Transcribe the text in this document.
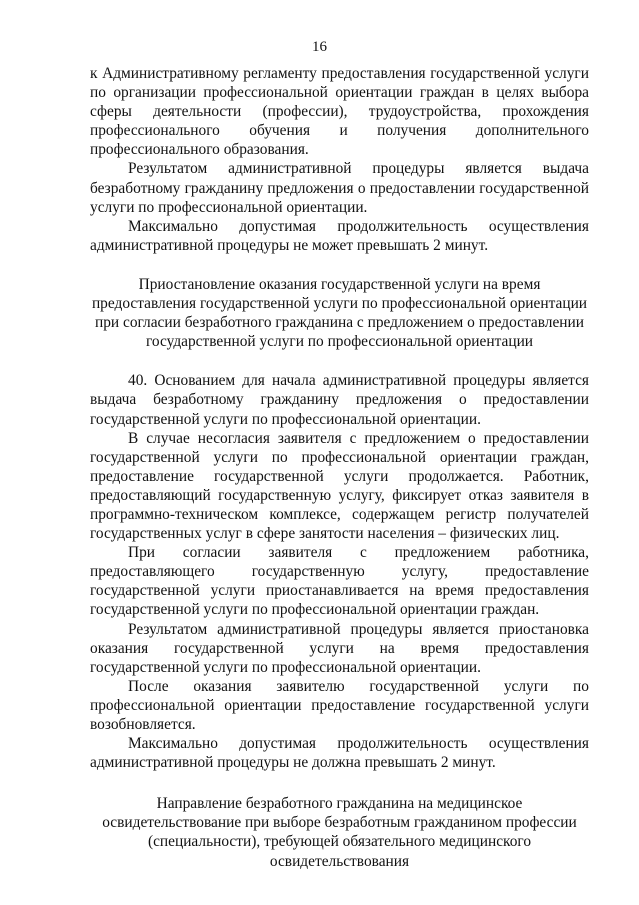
16

к Административному регламенту предоставления государственной услуги по организации профессиональной ориентации граждан в целях выбора сферы деятельности (профессии), трудоустройства, прохождения профессионального обучения и получения дополнительного профессионального образования.

Результатом административной процедуры является выдача безработному гражданину предложения о предоставлении государственной услуги по профессиональной ориентации.

Максимально допустимая продолжительность осуществления административной процедуры не может превышать 2 минут.

Приостановление оказания государственной услуги на время
предоставления государственной услуги по профессиональной ориентации
при согласии безработного гражданина с предложением о предоставлении
государственной услуги по профессиональной ориентации

40. Основанием для начала административной процедуры является выдача безработному гражданину предложения о предоставлении государственной услуги по профессиональной ориентации.

В случае несогласия заявителя с предложением о предоставлении государственной услуги по профессиональной ориентации граждан, предоставление государственной услуги продолжается. Работник, предоставляющий государственную услугу, фиксирует отказ заявителя в программно-техническом комплексе, содержащем регистр получателей государственных услуг в сфере занятости населения – физических лиц.

При согласии заявителя с предложением работника, предоставляющего государственную услугу, предоставление государственной услуги приостанавливается на время предоставления государственной услуги по профессиональной ориентации граждан.

Результатом административной процедуры является приостановка оказания государственной услуги на время предоставления государственной услуги по профессиональной ориентации.

После оказания заявителю государственной услуги по профессиональной ориентации предоставление государственной услуги возобновляется.

Максимально допустимая продолжительность осуществления административной процедуры не должна превышать 2 минут.

Направление безработного гражданина на медицинское
освидетельствование при выборе безработным гражданином профессии
(специальности), требующей обязательного медицинского
освидетельствования
